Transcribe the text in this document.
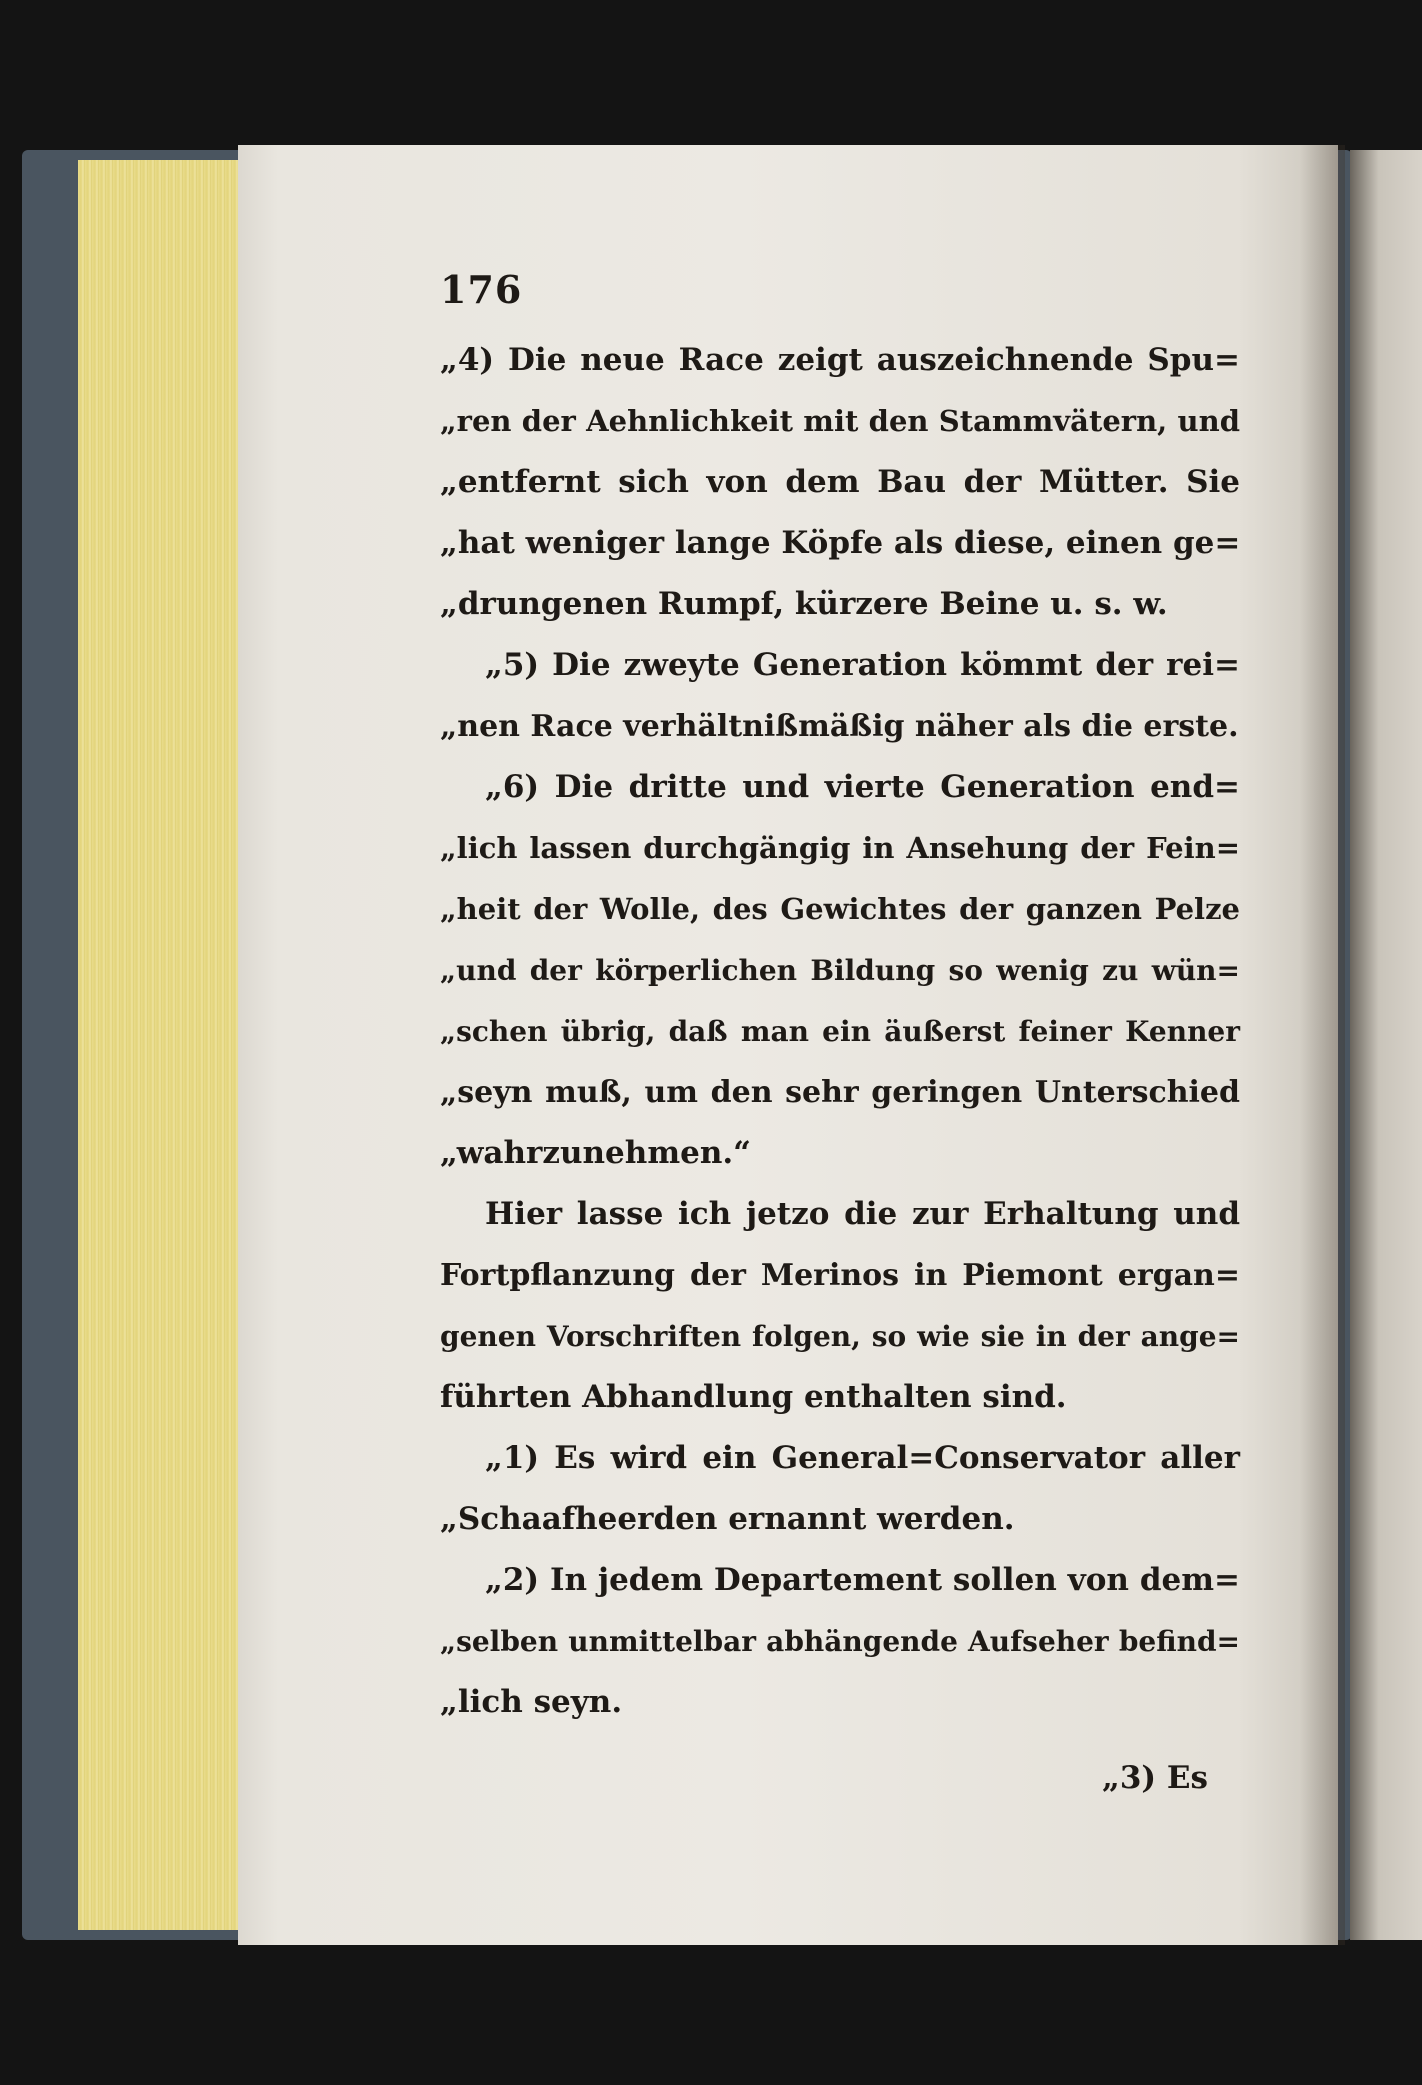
176
„4) Die neue Race zeigt auszeichnende Spu=
„ren der Aehnlichkeit mit den Stammvätern, und
„entfernt sich von dem Bau der Mütter. Sie
„hat weniger lange Köpfe als diese, einen ge=
„drungenen Rumpf, kürzere Beine u. s. w.
„5) Die zweyte Generation kömmt der rei=
„nen Race verhältnißmäßig näher als die erste.
„6) Die dritte und vierte Generation end=
„lich lassen durchgängig in Ansehung der Fein=
„heit der Wolle, des Gewichtes der ganzen Pelze
„und der körperlichen Bildung so wenig zu wün=
„schen übrig, daß man ein äußerst feiner Kenner
„seyn muß, um den sehr geringen Unterschied
„wahrzunehmen.“
Hier lasse ich jetzo die zur Erhaltung und
Fortpflanzung der Merinos in Piemont ergan=
genen Vorschriften folgen, so wie sie in der ange=
führten Abhandlung enthalten sind.
„1) Es wird ein General=Conservator aller
„Schaafheerden ernannt werden.
„2) In jedem Departement sollen von dem=
„selben unmittelbar abhängende Aufseher befind=
„lich seyn.
„3) Es
